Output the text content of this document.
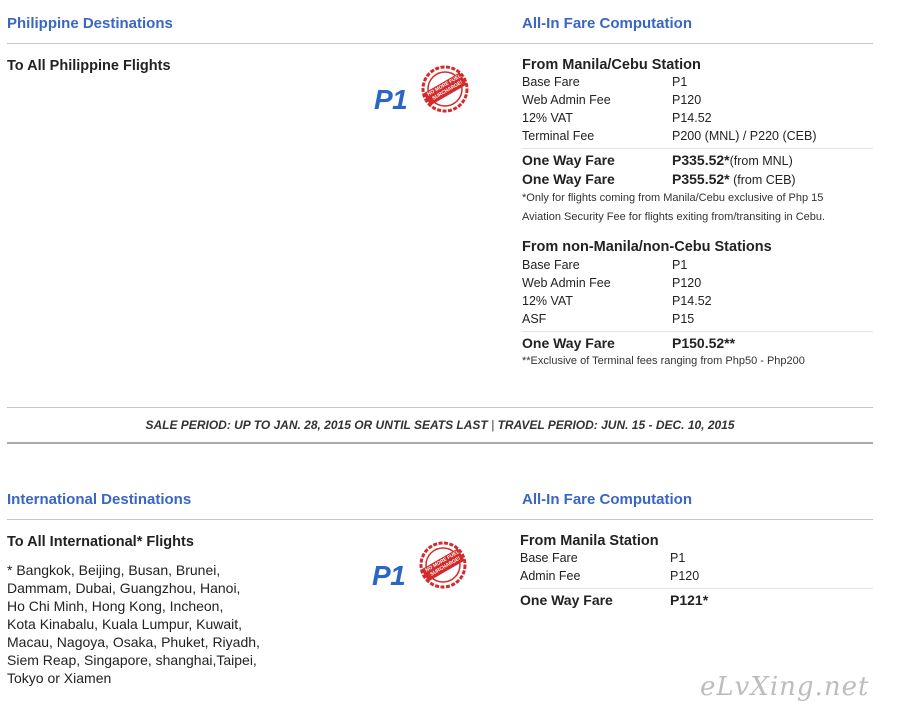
Philippine Destinations	All-In Fare Computation
To All Philippine Flights
P1	NO MORE FUEL SURCHARGE!
From Manila/Cebu Station
Base Fare	P1
Web Admin Fee	P120
12% VAT	P14.52
Terminal Fee	P200 (MNL) / P220 (CEB)
One Way Fare	P335.52*(from MNL)
One Way Fare	P355.52* (from CEB)
*Only for flights coming from Manila/Cebu exclusive of Php 15
Aviation Security Fee for flights exiting from/transiting in Cebu.
From non-Manila/non-Cebu Stations
Base Fare	P1
Web Admin Fee	P120
12% VAT	P14.52
ASF	P15
One Way Fare	P150.52**
**Exclusive of Terminal fees ranging from Php50 - Php200
SALE PERIOD: UP TO JAN. 28, 2015 OR UNTIL SEATS LAST | TRAVEL PERIOD: JUN. 15 - DEC. 10, 2015
International Destinations	All-In Fare Computation
To All International* Flights
* Bangkok, Beijing, Busan, Brunei,
Dammam, Dubai, Guangzhou, Hanoi,
Ho Chi Minh, Hong Kong, Incheon,
Kota Kinabalu, Kuala Lumpur, Kuwait,
Macau, Nagoya, Osaka, Phuket, Riyadh,
Siem Reap, Singapore, shanghai,Taipei,
Tokyo or Xiamen
P1	NO MORE FUEL SURCHARGE!
From Manila Station
Base Fare	P1
Admin Fee	P120
One Way Fare	P121*
eLvXing.net
